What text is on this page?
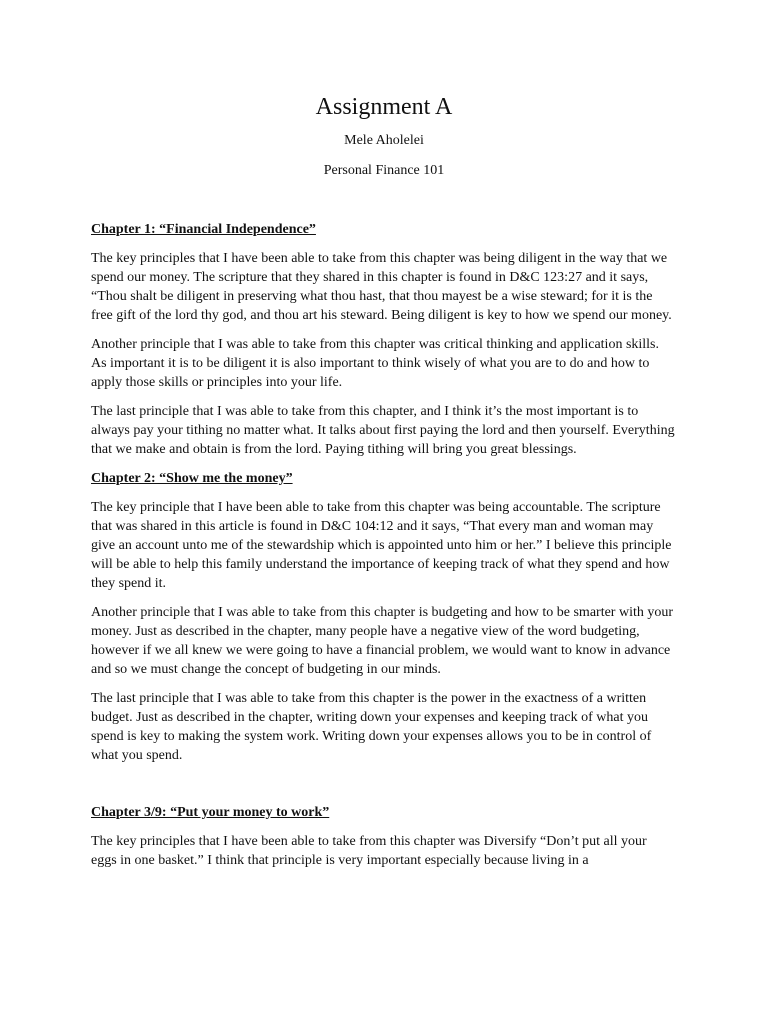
Assignment A

Mele Aholelei

Personal Finance 101

Chapter 1: “Financial Independence”

The key principles that I have been able to take from this chapter was being diligent in the way that we spend our money. The scripture that they shared in this chapter is found in D&C 123:27 and it says, “Thou shalt be diligent in preserving what thou hast, that thou mayest be a wise steward; for it is the free gift of the lord thy god, and thou art his steward. Being diligent is key to how we spend our money.

Another principle that I was able to take from this chapter was critical thinking and application skills. As important it is to be diligent it is also important to think wisely of what you are to do and how to apply those skills or principles into your life.

The last principle that I was able to take from this chapter, and I think it’s the most important is to always pay your tithing no matter what. It talks about first paying the lord and then yourself. Everything that we make and obtain is from the lord. Paying tithing will bring you great blessings.

Chapter 2: “Show me the money”

The key principle that I have been able to take from this chapter was being accountable. The scripture that was shared in this article is found in D&C 104:12 and it says, “That every man and woman may give an account unto me of the stewardship which is appointed unto him or her.” I believe this principle will be able to help this family understand the importance of keeping track of what they spend and how they spend it.

Another principle that I was able to take from this chapter is budgeting and how to be smarter with your money. Just as described in the chapter, many people have a negative view of the word budgeting, however if we all knew we were going to have a financial problem, we would want to know in advance and so we must change the concept of budgeting in our minds.

The last principle that I was able to take from this chapter is the power in the exactness of a written budget. Just as described in the chapter, writing down your expenses and keeping track of what you spend is key to making the system work. Writing down your expenses allows you to be in control of what you spend.

Chapter 3/9: “Put your money to work”

The key principles that I have been able to take from this chapter was Diversify “Don’t put all your eggs in one basket.” I think that principle is very important especially because living in a
